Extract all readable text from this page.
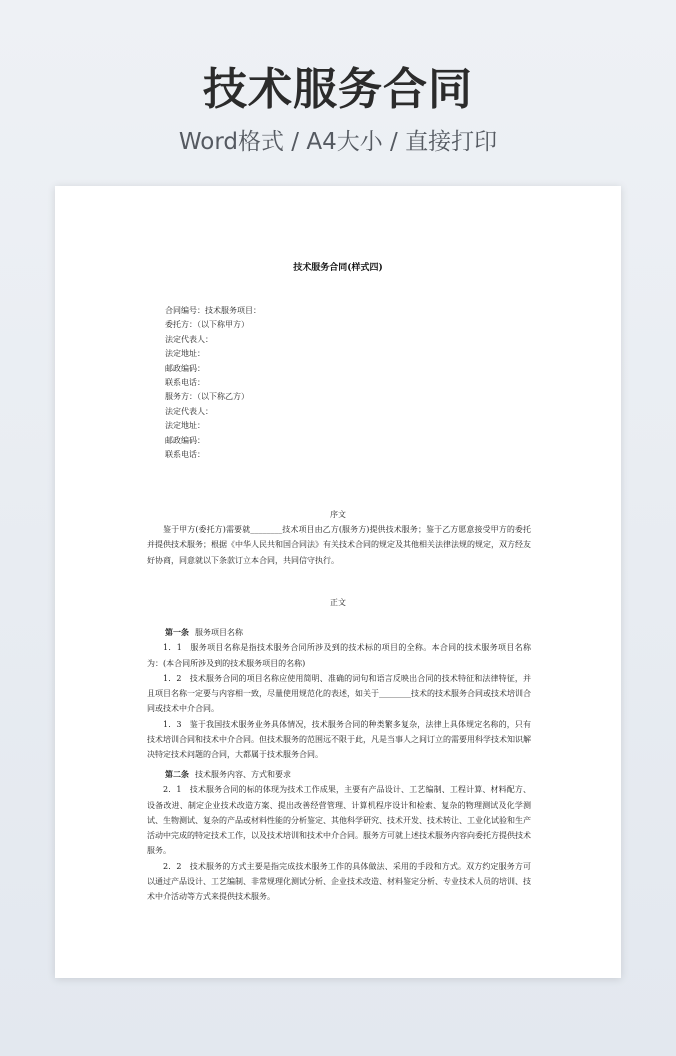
技术服务合同
Word格式 / A4大小 / 直接打印
技术服务合同(样式四)
合同编号：技术服务项目：
委托方：（以下称甲方）
法定代表人：
法定地址：
邮政编码：
联系电话：
服务方：（以下称乙方）
法定代表人：
法定地址：
邮政编码：
联系电话：
序文
鉴于甲方(委托方)需要就________技术项目由乙方(服务方)提供技术服务；鉴于乙方愿意接受甲方的委托并提供技术服务；根据《中华人民共和国合同法》有关技术合同的规定及其他相关法律法规的规定，双方经友好协商，同意就以下条款订立本合同，共同信守执行。
正文
第一条 服务项目名称
1．1　服务项目名称是指技术服务合同所涉及到的技术标的项目的全称。本合同的技术服务项目名称为：(本合同所涉及到的技术服务项目的名称)
1．2　技术服务合同的项目名称应使用简明、准确的词句和语言反映出合同的技术特征和法律特征，并且项目名称一定要与内容相一致，尽量使用规范化的表述，如关于________技术的技术服务合同或技术培训合同或技术中介合同。
1．3　鉴于我国技术服务业务具体情况，技术服务合同的种类繁多复杂，法律上具体规定名称的，只有技术培训合同和技术中介合同。但技术服务的范围远不限于此，凡是当事人之间订立的需要用科学技术知识解决特定技术问题的合同，大都属于技术服务合同。
第二条 技术服务内容、方式和要求
2．1　技术服务合同的标的体现为技术工作成果，主要有产品设计、工艺编制、工程计算、材料配方、设备改进、制定企业技术改造方案、提出改善经营管理、计算机程序设计和检索、复杂的物理测试及化学测试、生物测试、复杂的产品或材料性能的分析鉴定、其他科学研究、技术开发、技术转让、工业化试验和生产活动中完成的特定技术工作，以及技术培训和技术中介合同。服务方可就上述技术服务内容向委托方提供技术服务。
2．2　技术服务的方式主要是指完成技术服务工作的具体做法、采用的手段和方式。双方约定服务方可以通过产品设计、工艺编制、非常规理化测试分析、企业技术改造、材料鉴定分析、专业技术人员的培训、技术中介活动等方式来提供技术服务。
